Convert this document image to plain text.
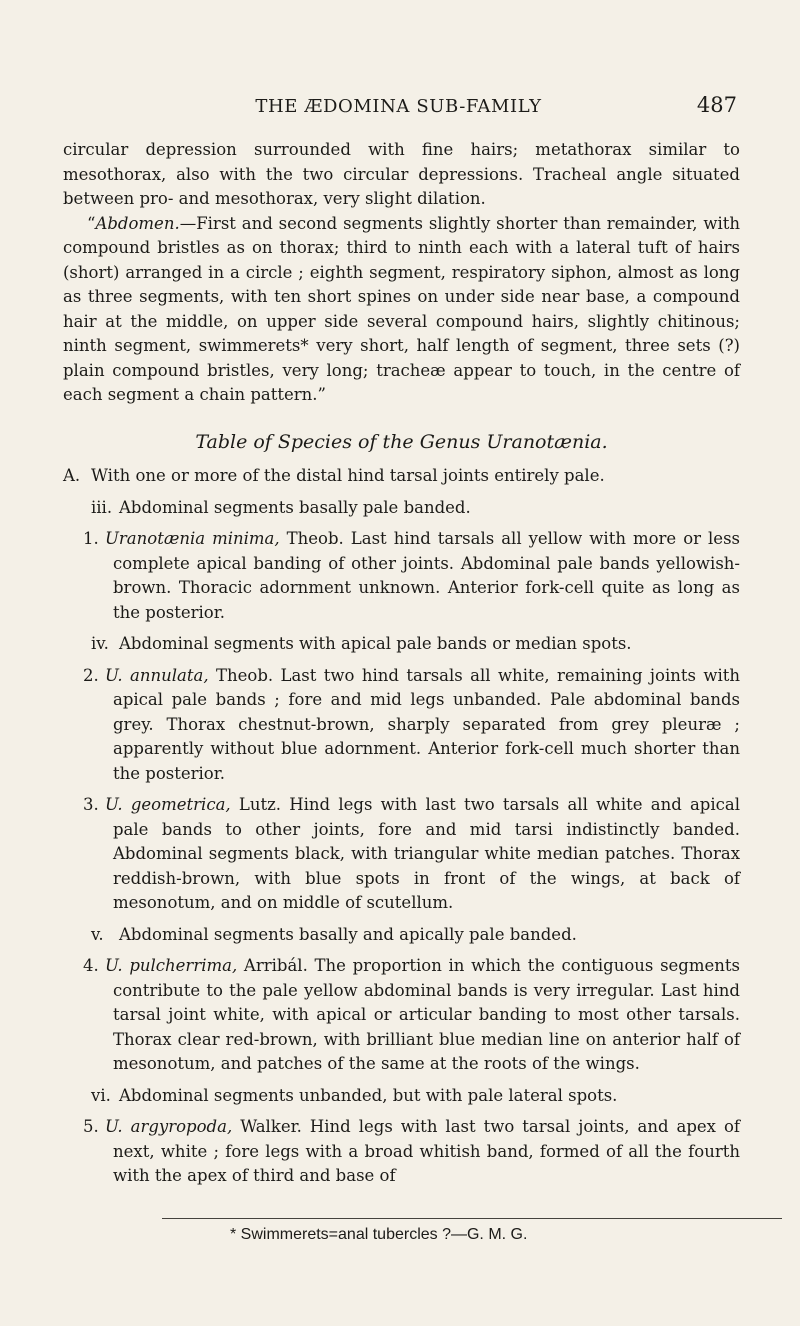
THE ÆDOMINA SUB-FAMILY	487

circular depression surrounded with fine hairs; metathorax similar to mesothorax, also with the two circular depressions. Tracheal angle situated between pro- and mesothorax, very slight dilation.

“Abdomen.—First and second segments slightly shorter than remainder, with compound bristles as on thorax; third to ninth each with a lateral tuft of hairs (short) arranged in a circle ; eighth segment, respiratory siphon, almost as long as three segments, with ten short spines on under side near base, a compound hair at the middle, on upper side several compound hairs, slightly chitinous; ninth segment, swimmerets* very short, half length of segment, three sets (?) plain compound bristles, very long; tracheæ appear to touch, in the centre of each segment a chain pattern.”

Table of Species of the Genus Uranotænia.

A. With one or more of the distal hind tarsal joints entirely pale.
iii. Abdominal segments basally pale banded.
1. Uranotænia minima, Theob. Last hind tarsals all yellow with more or less complete apical banding of other joints. Abdominal pale bands yellowish-brown. Thoracic adornment unknown. Anterior fork-cell quite as long as the posterior.
iv. Abdominal segments with apical pale bands or median spots.
2. U. annulata, Theob. Last two hind tarsals all white, remaining joints with apical pale bands ; fore and mid legs unbanded. Pale abdominal bands grey. Thorax chestnut-brown, sharply separated from grey pleuræ ; apparently without blue adornment. Anterior fork-cell much shorter than the posterior.
3. U. geometrica, Lutz. Hind legs with last two tarsals all white and apical pale bands to other joints, fore and mid tarsi indistinctly banded. Abdominal segments black, with triangular white median patches. Thorax reddish-brown, with blue spots in front of the wings, at back of mesonotum, and on middle of scutellum.
v. Abdominal segments basally and apically pale banded.
4. U. pulcherrima, Arribál. The proportion in which the contiguous segments contribute to the pale yellow abdominal bands is very irregular. Last hind tarsal joint white, with apical or articular banding to most other tarsals. Thorax clear red-brown, with brilliant blue median line on anterior half of mesonotum, and patches of the same at the roots of the wings.
vi. Abdominal segments unbanded, but with pale lateral spots.
5. U. argyropoda, Walker. Hind legs with last two tarsal joints, and apex of next, white ; fore legs with a broad whitish band, formed of all the fourth with the apex of third and base of
* Swimmerets=anal tubercles ?—G. M. G.
